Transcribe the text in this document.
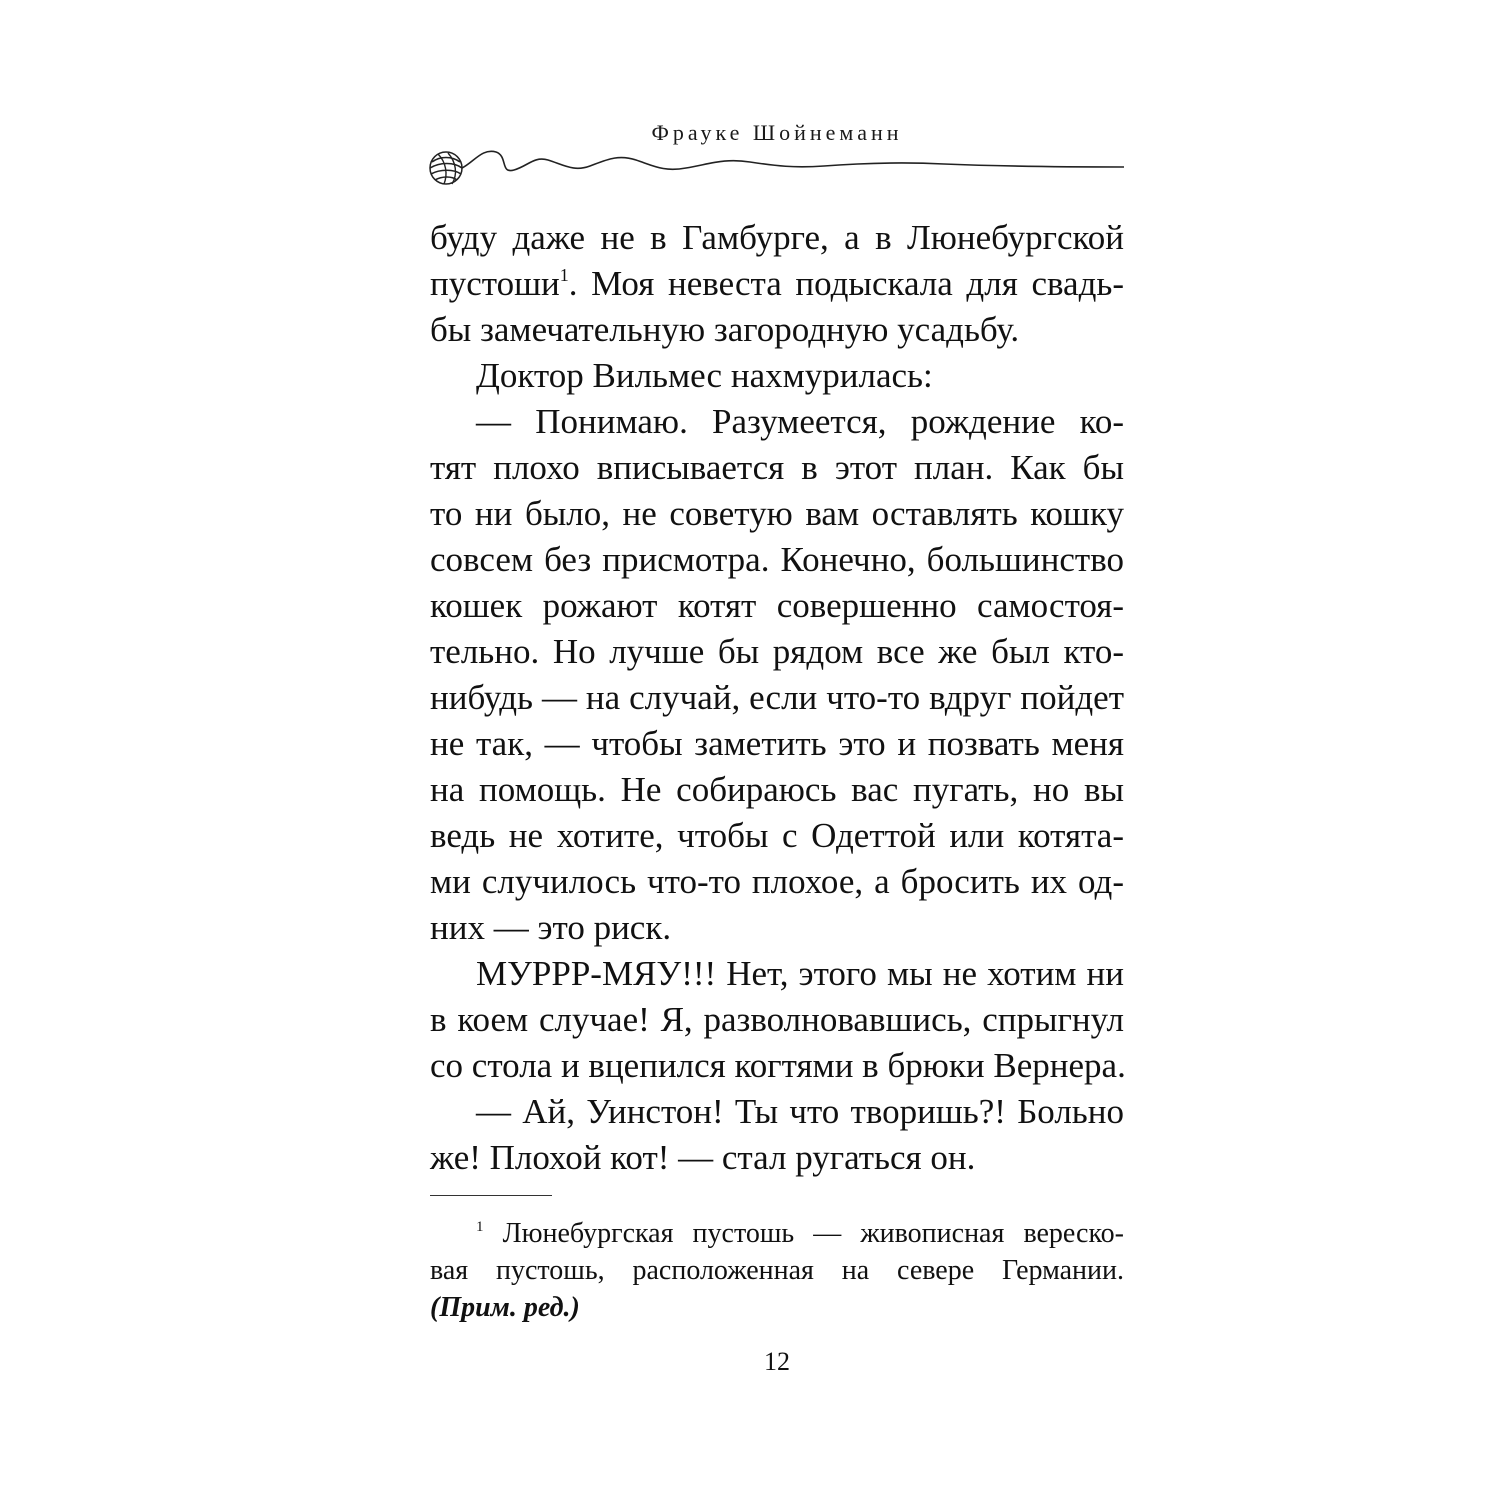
Фрауке Шойнеманн
буду даже не в Гамбурге, а в Люнебургской
пустоши$^1$. Моя невеста подыскала для свадь-
бы замечательную загородную усадьбу.
Доктор Вильмес нахмурилась:
— Понимаю. Разумеется, рождение ко-
тят плохо вписывается в этот план. Как бы
то ни было, не советую вам оставлять кошку
совсем без присмотра. Конечно, большинство
кошек рожают котят совершенно самостоя-
тельно. Но лучше бы рядом все же был кто-
нибудь — на случай, если что-то вдруг пойдет
не так, — чтобы заметить это и позвать меня
на помощь. Не собираюсь вас пугать, но вы
ведь не хотите, чтобы с Одеттой или котята-
ми случилось что-то плохое, а бросить их од-
них — это риск.
МУРРР-МЯУ!!! Нет, этого мы не хотим ни
в коем случае! Я, разволновавшись, спрыгнул
со стола и вцепился когтями в брюки Вернера.
— Ай, Уинстон! Ты что творишь?! Больно
же! Плохой кот! — стал ругаться он.
$^1$ Люнебургская пустошь — живописная вереско-
вая пустошь, расположенная на севере Германии.
(Прим. ред.)
12
